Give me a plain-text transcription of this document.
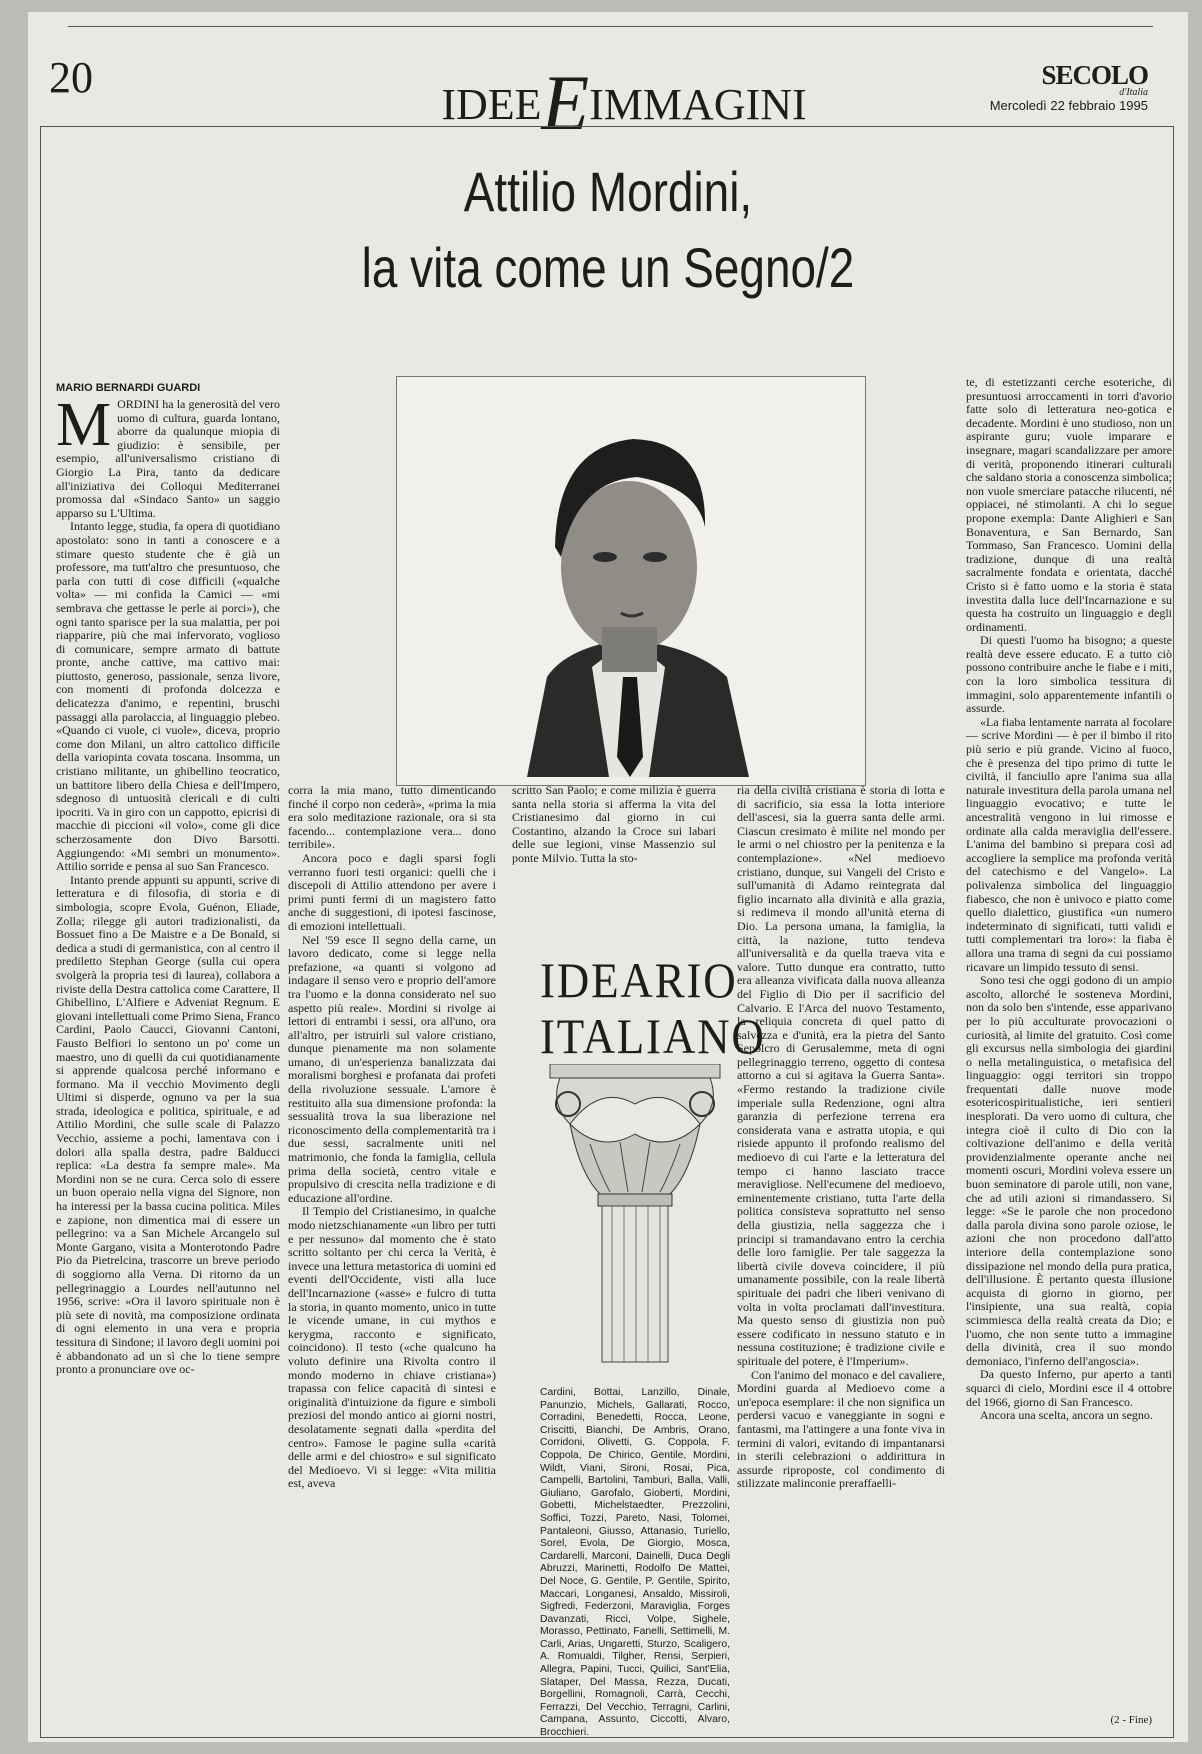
20
IDEEEIMMAGINI
SECOLO
d'Italia
Mercoledì 22 febbraio 1995
Attilio Mordini,
la vita come un Segno/2
MARIO BERNARDI GUARDI

MORDINI ha la generosità del vero uomo di cultura, guarda lontano, aborre da qualunque miopia di giudizio: è sensibile, per esempio, all'universalismo cristiano di Giorgio La Pira, tanto da dedicare all'iniziativa dei Colloqui Mediterranei promossa dal «Sindaco Santo» un saggio apparso su L'Ultima.

Intanto legge, studia, fa opera di quotidiano apostolato: sono in tanti a conoscere e a stimare questo studente che è già un professore, ma tutt'altro che presuntuoso, che parla con tutti di cose difficili («qualche volta» — mi confida la Camici — «mi sembrava che gettasse le perle ai porci»), che ogni tanto sparisce per la sua malattia, per poi riapparire, più che mai infervorato, voglioso di comunicare, sempre armato di battute pronte, anche cattive, ma cattivo mai: piuttosto, generoso, passionale, senza livore, con momenti di profonda dolcezza e delicatezza d'animo, e repentini, bruschi passaggi alla parolaccia, al linguaggio plebeo. «Quando ci vuole, ci vuole», diceva, proprio come don Milani, un altro cattolico difficile della variopinta covata toscana. Insomma, un cristiano militante, un ghibellino teocratico, un battitore libero della Chiesa e dell'Impero, sdegnoso di untuosità clericali e di culti ipocriti. Va in giro con un cappotto, epicrisi di macchie di piccioni «il volo», come gli dice scherzosamente don Divo Barsotti. Aggiungendo: «Mi sembri un monumento». Attilio sorride e pensa al suo San Francesco.

Intanto prende appunti su appunti, scrive di letteratura e di filosofia, di storia e di simbologia, scopre Evola, Guénon, Eliade, Zolla; rilegge gli autori tradizionalisti, da Bossuet fino a De Maistre e a De Bonald, si dedica a studi di germanistica, con al centro il prediletto Stephan George (sulla cui opera svolgerà la propria tesi di laurea), collabora a riviste della Destra cattolica come Carattere, Il Ghibellino, L'Alfiere e Adveniat Regnum. E giovani intellettuali come Primo Siena, Franco Cardini, Paolo Caucci, Giovanni Cantoni, Fausto Belfiori lo sentono un po' come un maestro, uno di quelli da cui quotidianamente si apprende qualcosa perché informano e formano. Ma il vecchio Movimento degli Ultimi si disperde, ognuno va per la sua strada, ideologica e politica, spirituale, e ad Attilio Mordini, che sulle scale di Palazzo Vecchio, assieme a pochi, lamentava con i dolori alla spalla destra, padre Balducci replica: «La destra fa sempre male». Ma Mordini non se ne cura. Cerca solo di essere un buon operaio nella vigna del Signore, non ha interessi per la bassa cucina politica. Miles e zapione, non dimentica mai di essere un pellegrino: va a San Michele Arcangelo sul Monte Gargano, visita a Monterotondo Padre Pio da Pietrelcina, trascorre un breve periodo di soggiorno alla Verna. Di ritorno da un pellegrinaggio a Lourdes nell'autunno nel 1956, scrive: «Ora il lavoro spirituale non è più sete di novità, ma composizione ordinata di ogni elemento in una vera e propria tessitura di Sindone; il lavoro degli uomini poi è abbandonato ad un sì che lo tiene sempre pronto a pronunciare ove oc-

corra la mia mano, tutto dimenticando finché il corpo non cederà», «prima la mia era solo meditazione razionale, ora si sta facendo... contemplazione vera... dono terribile».

Ancora poco e dagli sparsi fogli verranno fuori testi organici: quelli che i discepoli di Attilio attendono per avere i primi punti fermi di un magistero fatto anche di suggestioni, di ipotesi fascinose, di emozioni intellettuali.

Nel '59 esce Il segno della carne, un lavoro dedicato, come si legge nella prefazione, «a quanti si volgono ad indagare il senso vero e proprio dell'amore tra l'uomo e la donna considerato nel suo aspetto più reale». Mordini si rivolge ai lettori di entrambi i sessi, ora all'uno, ora all'altro, per istruirli sul valore cristiano, dunque pienamente ma non solamente umano, di un'esperienza banalizzata dai moralismi borghesi e profanata dai profeti della rivoluzione sessuale. L'amore è restituito alla sua dimensione profonda: la sessualità trova la sua liberazione nel riconoscimento della complementarità tra i due sessi, sacralmente uniti nel matrimonio, che fonda la famiglia, cellula prima della società, centro vitale e propulsivo di crescita nella tradizione e di educazione all'ordine.

Il Tempio del Cristianesimo, in qualche modo nietzschianamente «un libro per tutti e per nessuno» dal momento che è stato scritto soltanto per chi cerca la Verità, è invece una lettura metastorica di uomini ed eventi dell'Occidente, visti alla luce dell'Incarnazione («asse» e fulcro di tutta la storia, in quanto momento, unico in tutte le vicende umane, in cui mythos e kerygma, racconto e significato, coincidono). Il testo («che qualcuno ha voluto definire una Rivolta contro il mondo moderno in chiave cristiana») trapassa con felice capacità di sintesi e originalità d'intuizione da figure e simboli preziosi del mondo antico ai giorni nostri, desolatamente segnati dalla «perdita del centro». Famose le pagine sulla «carità delle armi e del chiostro» e sul significato del Medioevo. Vi si legge: «Vita militia est, aveva

scritto San Paolo; e come milizia è guerra santa nella storia si afferma la vita del Cristianesimo dal giorno in cui Costantino, alzando la Croce sui labari delle sue legioni, vinse Massenzio sul ponte Milvio. Tutta la sto-

IDEARIO
ITALIANO
Cardini, Bottai, Lanzillo, Dinale, Panunzio, Michels, Gallarati, Rocco, Corradini, Benedetti, Rocca, Leone, Criscitti, Bianchi, De Ambris, Orano, Corridoni, Olivetti, G. Coppola, F. Coppola, De Chirico, Gentile, Mordini, Wildt, Viani, Sironi, Rosai, Pica, Campelli, Bartolini, Tamburi, Balla, Valli, Giuliano, Garofalo, Gioberti, Mordini, Gobetti, Michelstaedter, Prezzolini, Soffici, Tozzi, Pareto, Nasi, Tolomei, Pantaleoni, Giusso, Attanasio, Turiello, Sorel, Evola, De Giorgio, Mosca, Cardarelli, Marconi, Dainelli, Duca Degli Abruzzi, Marinetti, Rodolfo De Mattei, Del Noce, G. Gentile, P. Gentile, Spirito, Maccari, Longanesi, Ansaldo, Missiroli, Sigfredi, Federzoni, Maraviglia, Forges Davanzati, Ricci, Volpe, Sighele, Morasso, Pettinato, Fanelli, Settimelli, M. Carli, Arias, Ungaretti, Sturzo, Scaligero, A. Romualdi, Tilgher, Rensi, Serpieri, Allegra, Papini, Tucci, Quilici, Sant'Elia, Slataper, Del Massa, Rezza, Ducati, Borgellini, Romagnoli, Carrà, Cecchi, Ferrazzi, Del Vecchio, Terragni, Carlini, Campana, Assunto, Ciccotti, Alvaro, Brocchieri.

ria della civiltà cristiana è storia di lotta e di sacrificio, sia essa la lotta interiore dell'ascesi, sia la guerra santa delle armi. Ciascun cresimato è milite nel mondo per le armi o nel chiostro per la penitenza e la contemplazione». «Nel medioevo cristiano, dunque, sui Vangeli del Cristo e sull'umanità di Adamo reintegrata dal figlio incarnato alla divinità e alla grazia, si redimeva il mondo all'unità eterna di Dio. La persona umana, la famiglia, la città, la nazione, tutto tendeva all'universalità e da quella traeva vita e valore. Tutto dunque era contratto, tutto era alleanza vivificata dalla nuova alleanza del Figlio di Dio per il sacrificio del Calvario. E l'Arca del nuovo Testamento, la reliquia concreta di quel patto di salvezza e d'unità, era la pietra del Santo Sepolcro di Gerusalemme, meta di ogni pellegrinaggio terreno, oggetto di contesa attorno a cui si agitava la Guerra Santa». «Fermo restando la tradizione civile imperiale sulla Redenzione, ogni altra garanzia di perfezione terrena era considerata vana e astratta utopia, e qui risiede appunto il profondo realismo del medioevo di cui l'arte e la letteratura del tempo ci hanno lasciato tracce meravigliose. Nell'ecumene del medioevo, eminentemente cristiano, tutta l'arte della politica consisteva soprattutto nel senso della giustizia, nella saggezza che i principi si tramandavano entro la cerchia delle loro famiglie. Per tale saggezza la libertà civile doveva coincidere, il più umanamente possibile, con la reale libertà spirituale dei padri che liberi venivano di volta in volta proclamati dall'investitura. Ma questo senso di giustizia non può essere codificato in nessuno statuto e in nessuna costituzione; è tradizione civile e spirituale del potere, è l'Imperium».

Con l'animo del monaco e del cavaliere, Mordini guarda al Medioevo come a un'epoca esemplare: il che non significa un perdersi vacuo e vaneggiante in sogni e fantasmi, ma l'attingere a una fonte viva in termini di valori, evitando di impantanarsi in sterili celebrazioni o addirittura in assurde riproposte, col condimento di stilizzate malinconie preraffaelli-

te, di estetizzanti cerche esoteriche, di presuntuosi arroccamenti in torri d'avorio fatte solo di letteratura neo-gotica e decadente. Mordini è uno studioso, non un aspirante guru; vuole imparare e insegnare, magari scandalizzare per amore di verità, proponendo itinerari culturali che saldano storia a conoscenza simbolica; non vuole smerciare patacche rilucenti, né oppiacei, né stimolanti. A chi lo segue propone exempla: Dante Alighieri e San Bonaventura, e San Bernardo, San Tommaso, San Francesco. Uomini della tradizione, dunque di una realtà sacralmente fondata e orientata, dacché Cristo si è fatto uomo e la storia è stata investita dalla luce dell'Incarnazione e su questa ha costruito un linguaggio e degli ordinamenti.

Di questi l'uomo ha bisogno; a queste realtà deve essere educato. E a tutto ciò possono contribuire anche le fiabe e i miti, con la loro simbolica tessitura di immagini, solo apparentemente infantili o assurde.

«La fiaba lentamente narrata al focolare — scrive Mordini — è per il bimbo il rito più serio e più grande. Vicino al fuoco, che è presenza del tipo primo di tutte le civiltà, il fanciullo apre l'anima sua alla naturale investitura della parola umana nel linguaggio evocativo; e tutte le ancestralità vengono in lui rimosse e ordinate alla calda meraviglia dell'essere. L'anima del bambino si prepara così ad accogliere la semplice ma profonda verità del catechismo e del Vangelo». La polivalenza simbolica del linguaggio fiabesco, che non è univoco e piatto come quello dialettico, giustifica «un numero indeterminato di significati, tutti validi e tutti complementari tra loro»: la fiaba è allora una trama di segni da cui possiamo ricavare un limpido tessuto di sensi.

Sono tesi che oggi godono di un ampio ascolto, allorché le sosteneva Mordini, non da solo ben s'intende, esse apparivano per lo più acculturate provocazioni o curiosità, al limite del gratuito. Così come gli excursus nella simbologia dei giardini o nella metalinguistica, o metafisica del linguaggio: oggi territori sin troppo frequentati dalle nuove mode esotericospiritualistiche, ieri sentieri inesplorati. Da vero uomo di cultura, che integra cioè il culto di Dio con la coltivazione dell'animo e della verità providenzialmente operante anche nei momenti oscuri, Mordini voleva essere un buon seminatore di parole utili, non vane, che ad utili azioni si rimandassero. Si legge: «Se le parole che non procedono dalla parola divina sono parole oziose, le azioni che non procedono dall'atto interiore della contemplazione sono dissipazione nel mondo della pura pratica, dell'illusione. È pertanto questa illusione acquista di giorno in giorno, per l'insipiente, una sua realtà, copia scimmiesca della realtà creata da Dio; e l'uomo, che non sente tutto a immagine della divinità, crea il suo mondo demoniaco, l'inferno dell'angoscia».

Da questo Inferno, pur aperto a tanti squarci di cielo, Mordini esce il 4 ottobre del 1966, giorno di San Francesco.

Ancora una scelta, ancora un segno.

(2 - Fine)
